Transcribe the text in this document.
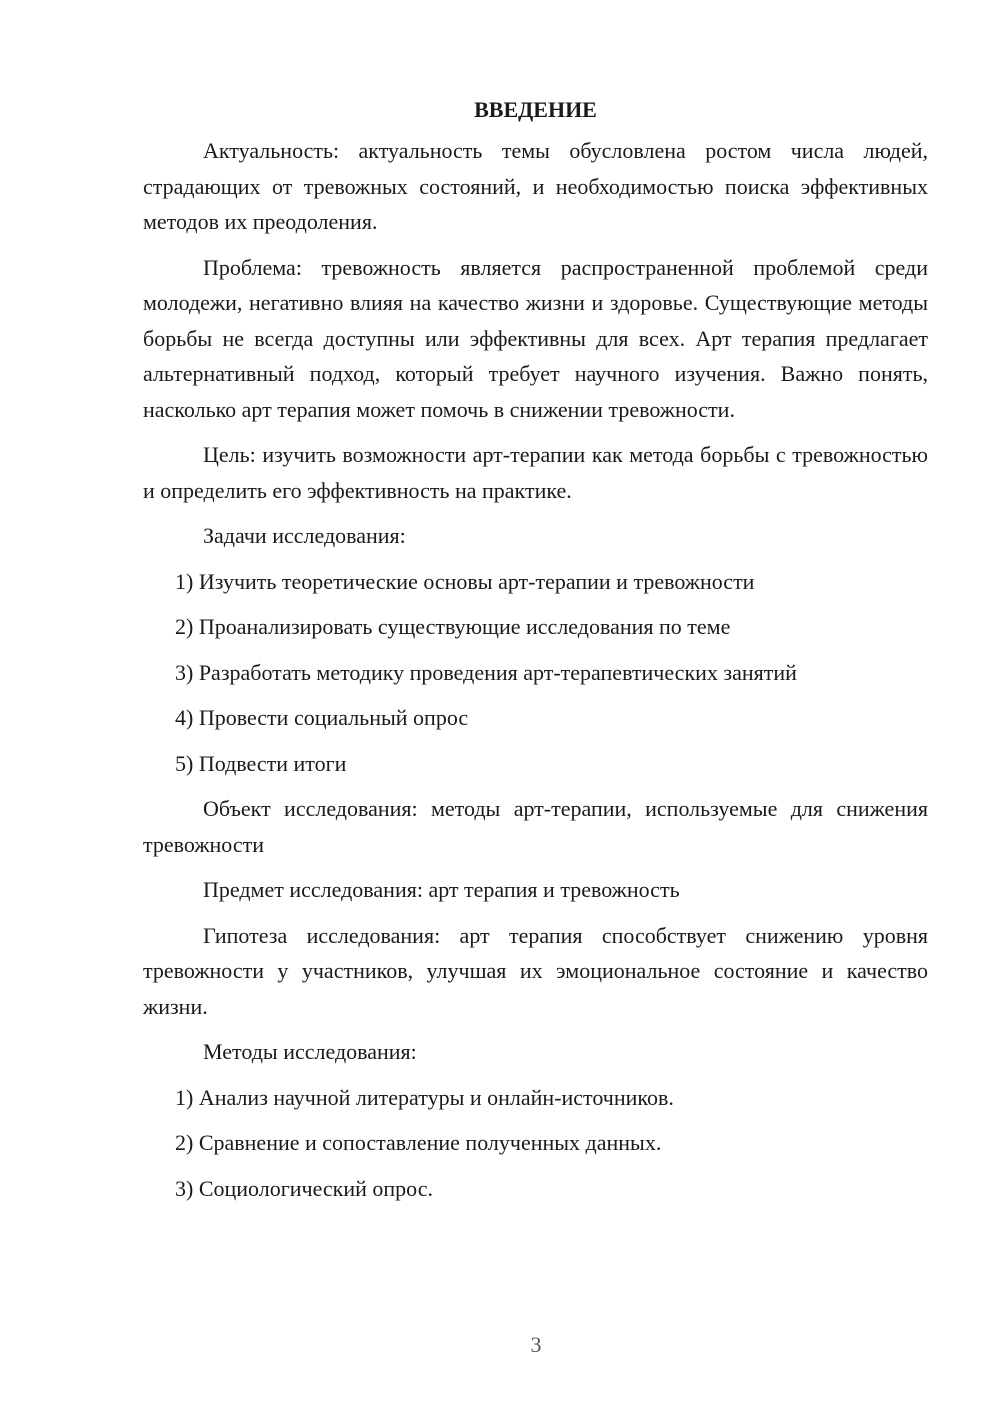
ВВЕДЕНИЕ

Актуальность: актуальность темы обусловлена ростом числа людей, страдающих от тревожных состояний, и необходимостью поиска эффективных методов их преодоления.

Проблема: тревожность является распространенной проблемой среди молодежи, негативно влияя на качество жизни и здоровье. Существующие методы борьбы не всегда доступны или эффективны для всех. Арт терапия предлагает альтернативный подход, который требует научного изучения. Важно понять, насколько арт терапия может помочь в снижении тревожности.

Цель: изучить возможности арт-терапии как метода борьбы с тревожностью и определить его эффективность на практике.

Задачи исследования:

1) Изучить теоретические основы арт-терапии и тревожности
2) Проанализировать существующие исследования по теме
3) Разработать методику проведения арт-терапевтических занятий
4) Провести социальный опрос
5) Подвести итоги

Объект исследования: методы арт-терапии, используемые для снижения тревожности

Предмет исследования: арт терапия и тревожность

Гипотеза исследования: арт терапия способствует снижению уровня тревожности у участников, улучшая их эмоциональное состояние и качество жизни.

Методы исследования:

1) Анализ научной литературы и онлайн-источников.
2) Сравнение и сопоставление полученных данных.
3) Социологический опрос.
3
